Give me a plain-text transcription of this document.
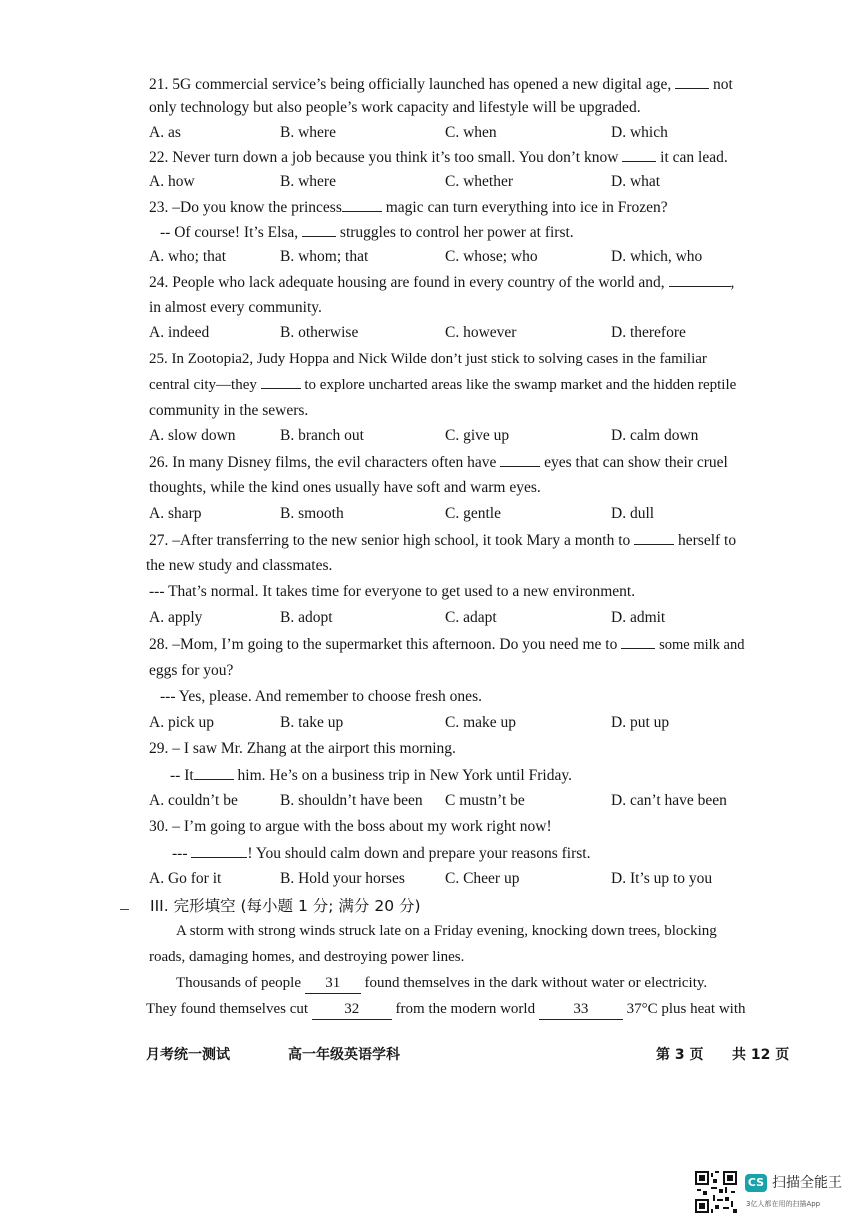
21. 5G commercial service’s being officially launched has opened a new digital age,	not
only technology but also people’s work capacity and lifestyle will be upgraded.
A. as	B. where	C. when	D. which
22. Never turn down a job because you think it’s too small. You don’t know	it can lead.
A. how	B. where	C. whether	D. what
23. –Do you know the princess	magic can turn everything into ice in Frozen?
-- Of course! It’s Elsa,	struggles to control her power at first.
A. who; that	B. whom; that	C. whose; who	D. which, who
24. People who lack adequate housing are found in every country of the world and,	,
in almost every community.
A. indeed	B. otherwise	C. however	D. therefore
25. In Zootopia2, Judy Hoppa and Nick Wilde don’t just stick to solving cases in the familiar
central city—they	to explore uncharted areas like the swamp market and the hidden reptile
community in the sewers.
A. slow down	B. branch out	C. give up	D. calm down
26. In many Disney films, the evil characters often have	eyes that can show their cruel
thoughts, while the kind ones usually have soft and warm eyes.
A. sharp	B. smooth	C. gentle	D. dull
27. –After transferring to the new senior high school, it took Mary a month to	herself to
the new study and classmates.
--- That’s normal. It takes time for everyone to get used to a new environment.
A. apply	B. adopt	C. adapt	D. admit
28. –Mom, I’m going to the supermarket this afternoon. Do you need me to	some milk and
eggs for you?
--- Yes, please. And remember to choose fresh ones.
A. pick up	B. take up	C. make up	D. put up
29. – I saw Mr. Zhang at the airport this morning.
-- It	him. He’s on a business trip in New York until Friday.
A. couldn’t be	B. shouldn’t have been C mustn’t be	D. can’t have been
30. – I’m going to argue with the boss about my work right now!
---	! You should calm down and prepare your reasons first.
A. Go for it	B. Hold your horses	C. Cheer up	D. It’s up to you
III. 完形填空 (每小题 1 分; 满分 20 分)
A storm with strong winds struck late on a Friday evening, knocking down trees, blocking
roads, damaging homes, and destroying power lines.
Thousands of people 31 found themselves in the dark without water or electricity.
They found themselves cut 32 from the modern world	33	37°C plus heat with
月考统一测试	高一年级英语学科	第 3 页 共 12 页
CS 扫描全能王
3亿人都在用的扫描App
